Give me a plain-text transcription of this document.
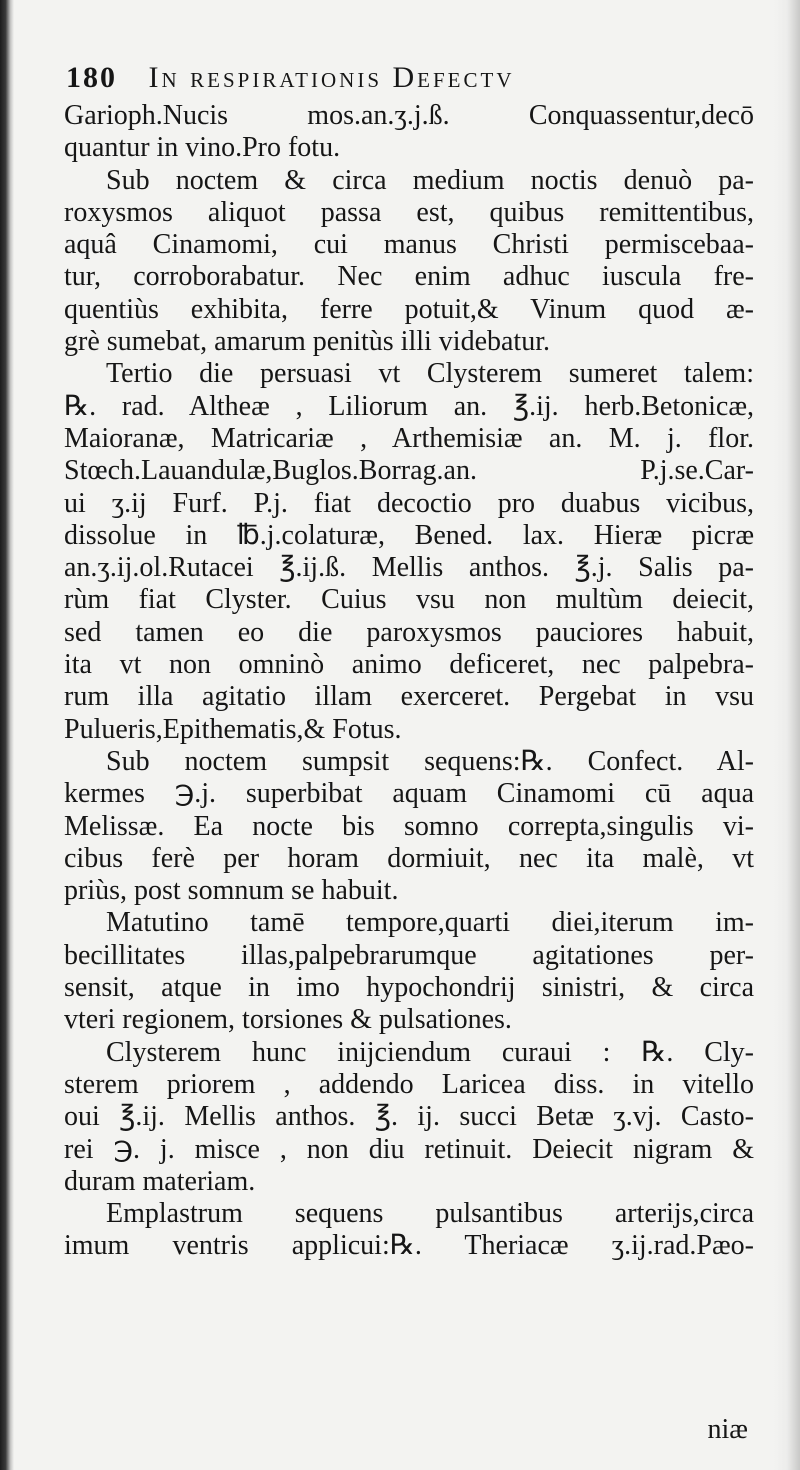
180 In respirationis Defectv
Garioph.Nucis mos.an.ʒ.j.ß. Conquassentur,decō
quantur in vino.Pro fotu.
Sub noctem & circa medium noctis denuò pa-
roxysmos aliquot passa est, quibus remittentibus,
aquâ Cinamomi, cui manus Christi permiscebaa-
tur, corroborabatur. Nec enim adhuc iuscula fre-
quentiùs exhibita, ferre potuit,& Vinum quod æ-
grè sumebat, amarum penitùs illi videbatur.
Tertio die persuasi vt Clysterem sumeret talem:
℞. rad. Altheæ , Liliorum an. ℥.ij. herb.Betonicæ,
Maioranæ, Matricariæ , Arthemisiæ an. M. j. flor.
Stœch.Lauandulæ,Buglos.Borrag.an. P.j.se.Car-
ui ʒ.ij Furf. P.j. fiat decoctio pro duabus vicibus,
dissolue in ℔.j.colaturæ, Bened. lax. Hieræ picræ
an.ʒ.ij.ol.Rutacei ℥.ij.ß. Mellis anthos. ℥.j. Salis pa-
rùm fiat Clyster. Cuius vsu non multùm deiecit,
sed tamen eo die paroxysmos pauciores habuit,
ita vt non omninò animo deficeret, nec palpebra-
rum illa agitatio illam exerceret. Pergebat in vsu
Pulueris,Epithematis,& Fotus.
Sub noctem sumpsit sequens:℞. Confect. Al-
kermes ℈.j. superbibat aquam Cinamomi cū aqua
Melissæ. Ea nocte bis somno correpta,singulis vi-
cibus ferè per horam dormiuit, nec ita malè, vt
priùs, post somnum se habuit.
Matutino tamē tempore,quarti diei,iterum im-
becillitates illas,palpebrarumque agitationes per-
sensit, atque in imo hypochondrij sinistri, & circa
vteri regionem, torsiones & pulsationes.
Clysterem hunc inijciendum curaui : ℞. Cly-
sterem priorem , addendo Laricea diss. in vitello
oui ℥.ij. Mellis anthos. ℥. ij. succi Betæ ʒ.vj. Casto-
rei ℈. j. misce , non diu retinuit. Deiecit nigram &
duram materiam.
Emplastrum sequens pulsantibus arterijs,circa
imum ventris applicui:℞. Theriacæ ʒ.ij.rad.Pæo-
niæ
